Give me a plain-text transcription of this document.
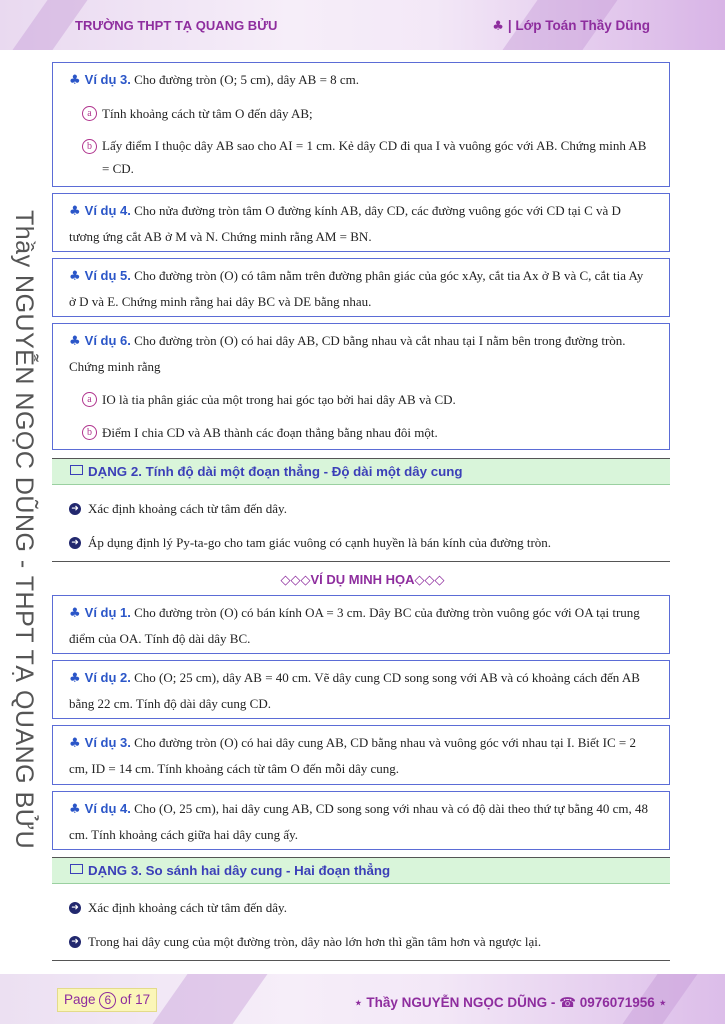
TRƯỜNG THPT TẠ QUANG BỬU	♣ | Lớp Toán Thầy Dũng
Thầy NGUYỄN NGỌC DŨNG - THPT TẠ QUANG BỬU

♣ Ví dụ 3. Cho đường tròn (O; 5 cm), dây AB = 8 cm.

a Tính khoảng cách từ tâm O đến dây AB;

b Lấy điểm I thuộc dây AB sao cho AI = 1 cm. Kẻ dây CD đi qua I và vuông góc với AB. Chứng minh AB = CD.

♣ Ví dụ 4. Cho nửa đường tròn tâm O đường kính AB, dây CD, các đường vuông góc với CD tại C và D tương ứng cắt AB ở M và N. Chứng minh rằng AM = BN.

♣ Ví dụ 5. Cho đường tròn (O) có tâm nằm trên đường phân giác của góc xAy, cắt tia Ax ở B và C, cắt tia Ay ở D và E. Chứng minh rằng hai dây BC và DE bằng nhau.

♣ Ví dụ 6. Cho đường tròn (O) có hai dây AB, CD bằng nhau và cắt nhau tại I nằm bên trong đường tròn. Chứng minh rằng

a IO là tia phân giác của một trong hai góc tạo bởi hai dây AB và CD.

b Điểm I chia CD và AB thành các đoạn thẳng bằng nhau đôi một.

DẠNG 2. Tính độ dài một đoạn thẳng - Độ dài một dây cung
➜ Xác định khoảng cách từ tâm đến dây.
➜ Áp dụng định lý Py-ta-go cho tam giác vuông có cạnh huyền là bán kính của đường tròn.
◇◇◇VÍ DỤ MINH HỌA◇◇◇

♣ Ví dụ 1. Cho đường tròn (O) có bán kính OA = 3 cm. Dây BC của đường tròn vuông góc với OA tại trung điểm của OA. Tính độ dài dây BC.

♣ Ví dụ 2. Cho (O; 25 cm), dây AB = 40 cm. Vẽ dây cung CD song song với AB và có khoảng cách đến AB bằng 22 cm. Tính độ dài dây cung CD.

♣ Ví dụ 3. Cho đường tròn (O) có hai dây cung AB, CD bằng nhau và vuông góc với nhau tại I. Biết IC = 2 cm, ID = 14 cm. Tính khoảng cách từ tâm O đến mỗi dây cung.

♣ Ví dụ 4. Cho (O, 25 cm), hai dây cung AB, CD song song với nhau và có độ dài theo thứ tự bằng 40 cm, 48 cm. Tính khoảng cách giữa hai dây cung ấy.

DẠNG 3. So sánh hai dây cung - Hai đoạn thẳng
➜ Xác định khoảng cách từ tâm đến dây.
➜ Trong hai dây cung của một đường tròn, dây nào lớn hơn thì gần tâm hơn và ngược lại.
Page 6 of 17	⋆ Thầy NGUYỄN NGỌC DŨNG - ☎ 0976071956 ⋆
